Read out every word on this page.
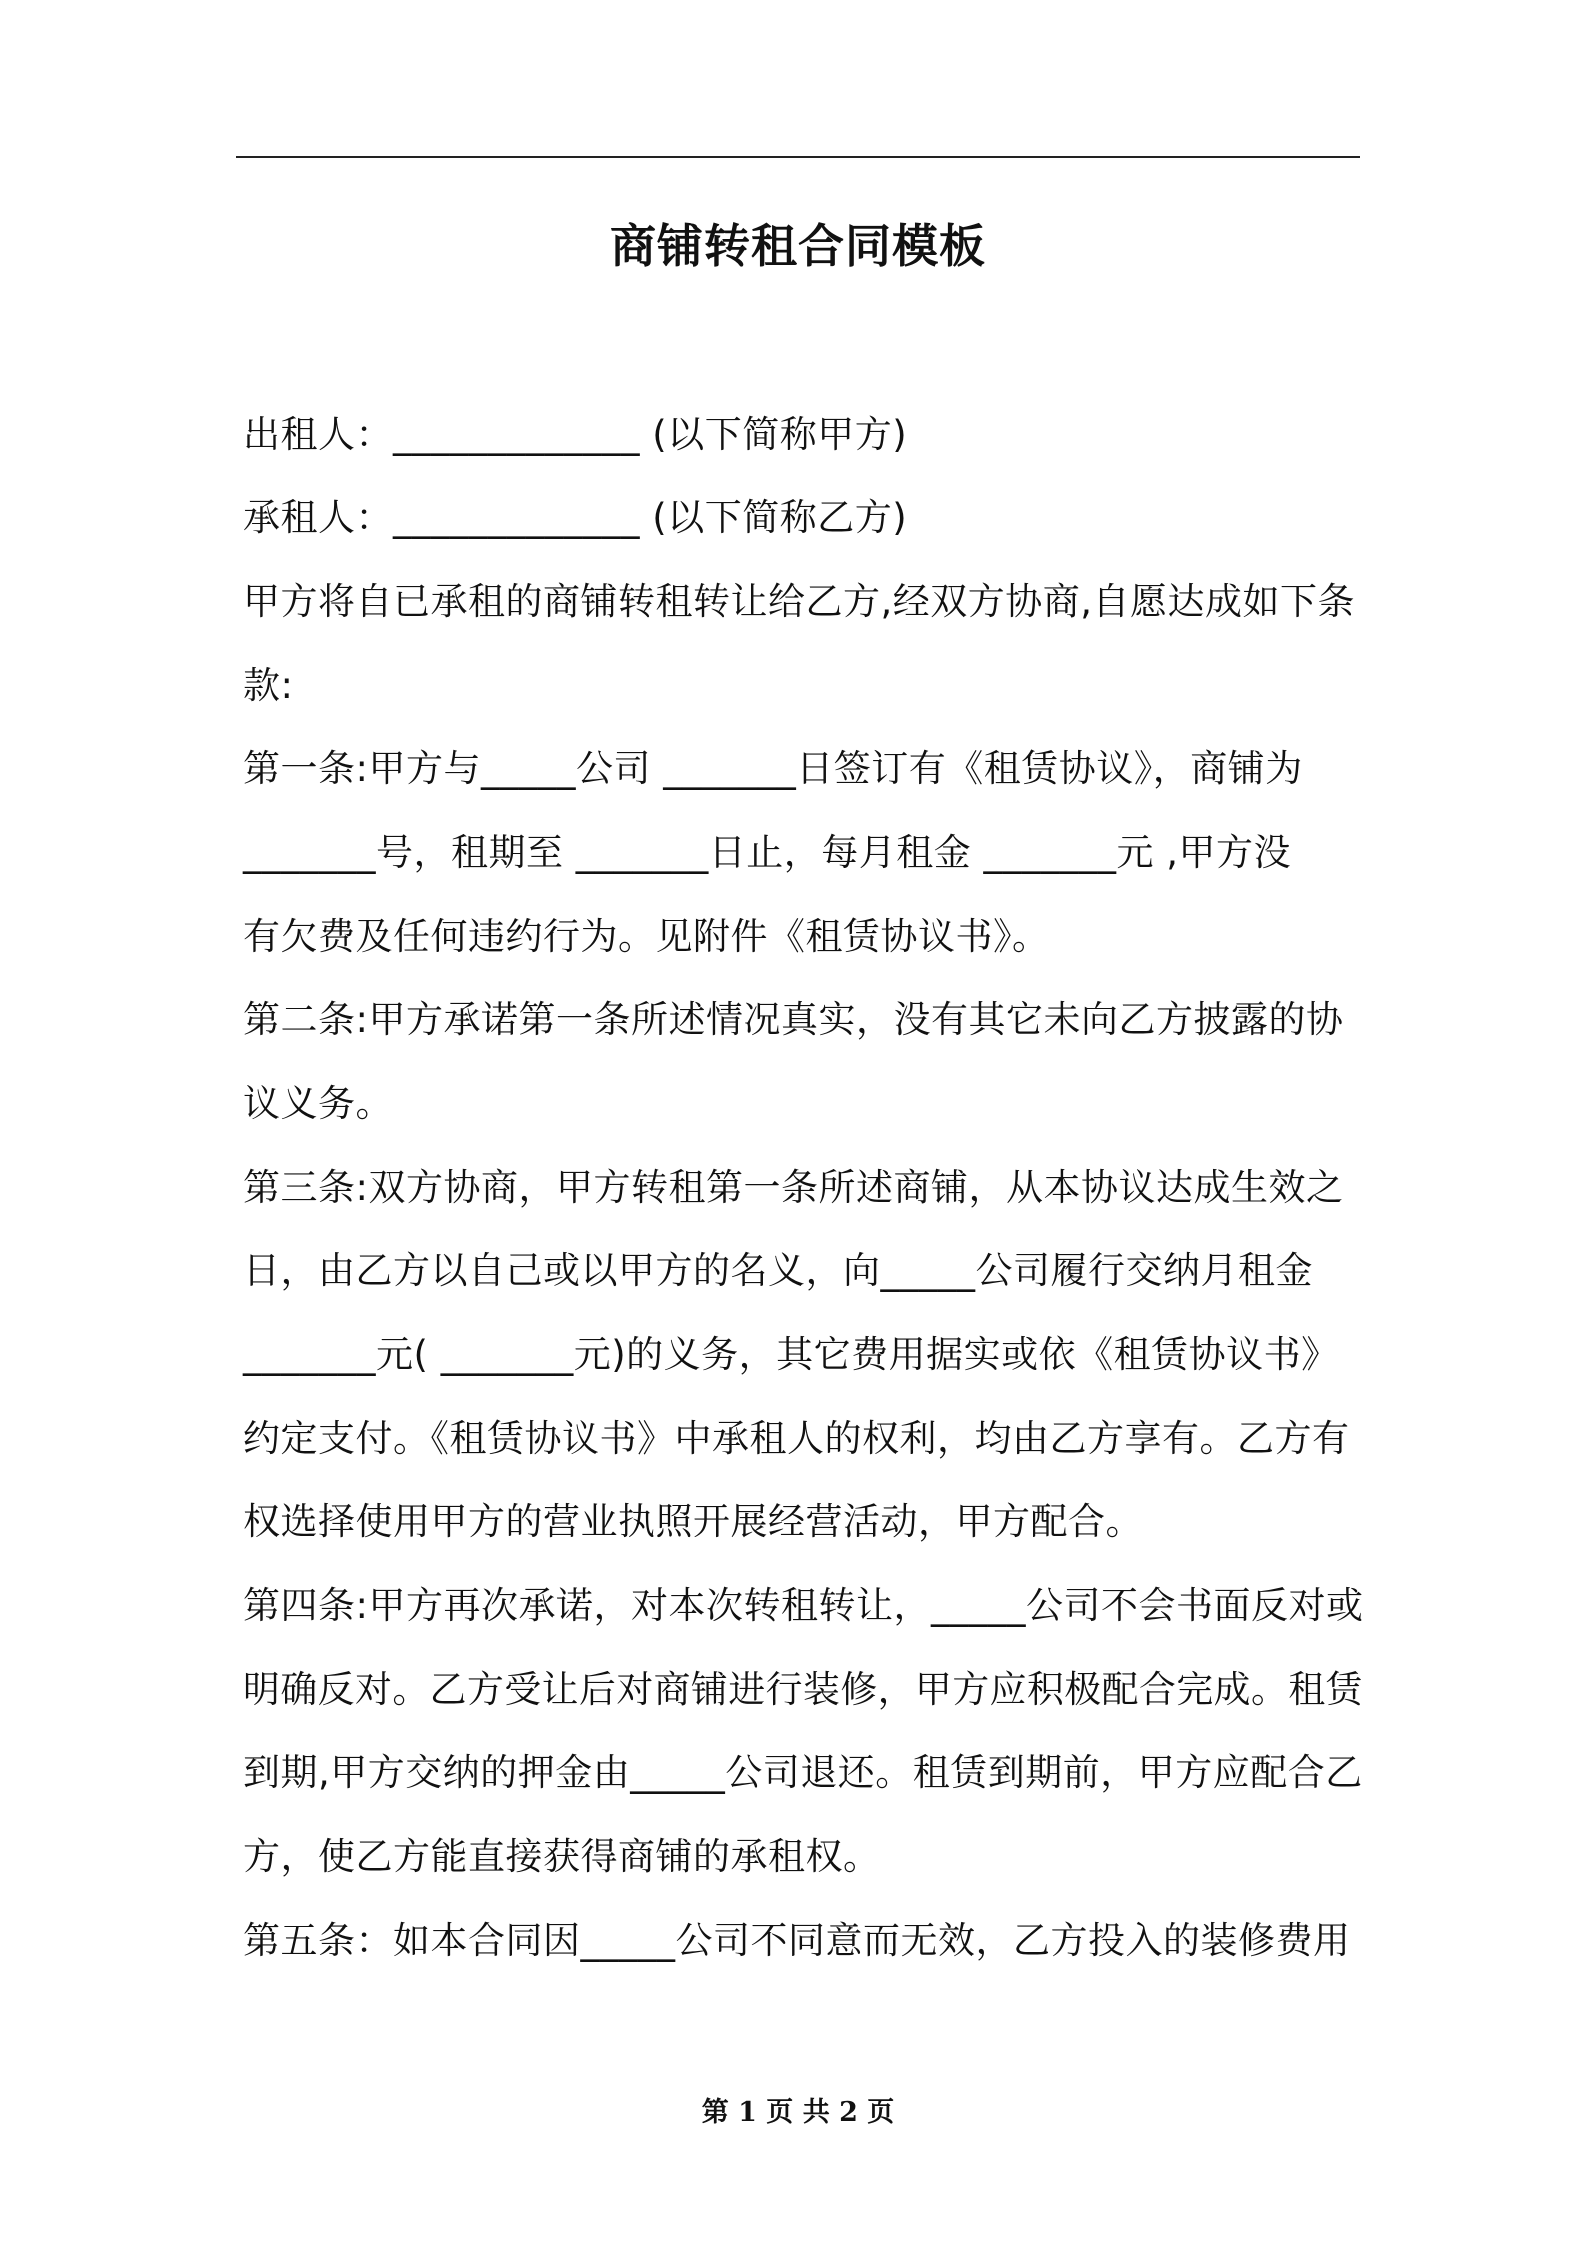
商铺转租合同模板
出租人：_____________ (以下简称甲方)
承租人：_____________ (以下简称乙方)
甲方将自已承租的商铺转租转让给乙方,经双方协商,自愿达成如下条
款:
第一条:甲方与_____公司 _______日签订有《租赁协议》，商铺为
_______号，租期至 _______日止，每月租金 _______元 ,甲方没
有欠费及任何违约行为。见附件《租赁协议书》。
第二条:甲方承诺第一条所述情况真实，没有其它未向乙方披露的协
议义务。
第三条:双方协商，甲方转租第一条所述商铺，从本协议达成生效之
日，由乙方以自己或以甲方的名义，向_____公司履行交纳月租金
_______元( _______元)的义务，其它费用据实或依《租赁协议书》
约定支付。《租赁协议书》中承租人的权利，均由乙方享有。乙方有
权选择使用甲方的营业执照开展经营活动，甲方配合。
第四条:甲方再次承诺，对本次转租转让，_____公司不会书面反对或
明确反对。乙方受让后对商铺进行装修，甲方应积极配合完成。租赁
到期,甲方交纳的押金由_____公司退还。租赁到期前，甲方应配合乙
方，使乙方能直接获得商铺的承租权。
第五条：如本合同因_____公司不同意而无效，乙方投入的装修费用
第 1 页 共 2 页
